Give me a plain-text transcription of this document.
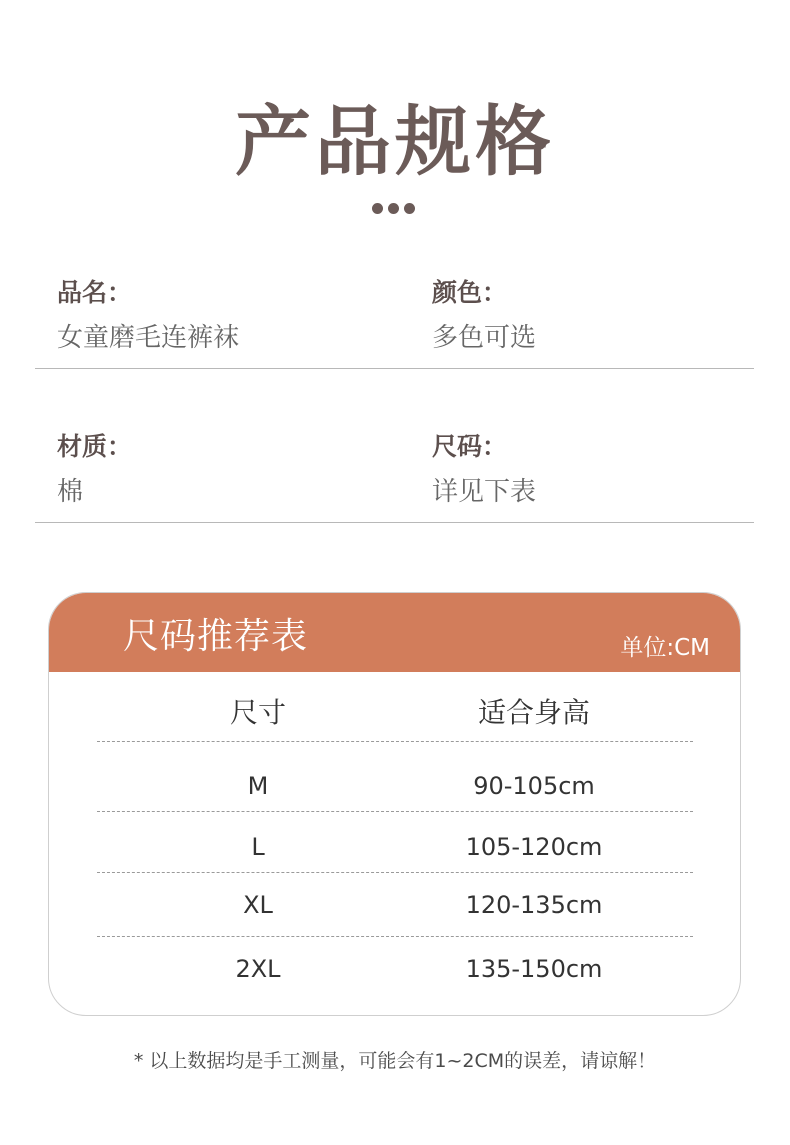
产品规格
品名：
女童磨毛连裤袜
颜色：
多色可选
材质：
棉
尺码：
详见下表
尺码推荐表	单位:CM
尺寸	适合身高
M	90-105cm
L	105-120cm
XL	120-135cm
2XL	135-150cm
* 以上数据均是手工测量，可能会有1~2CM的误差，请谅解！
